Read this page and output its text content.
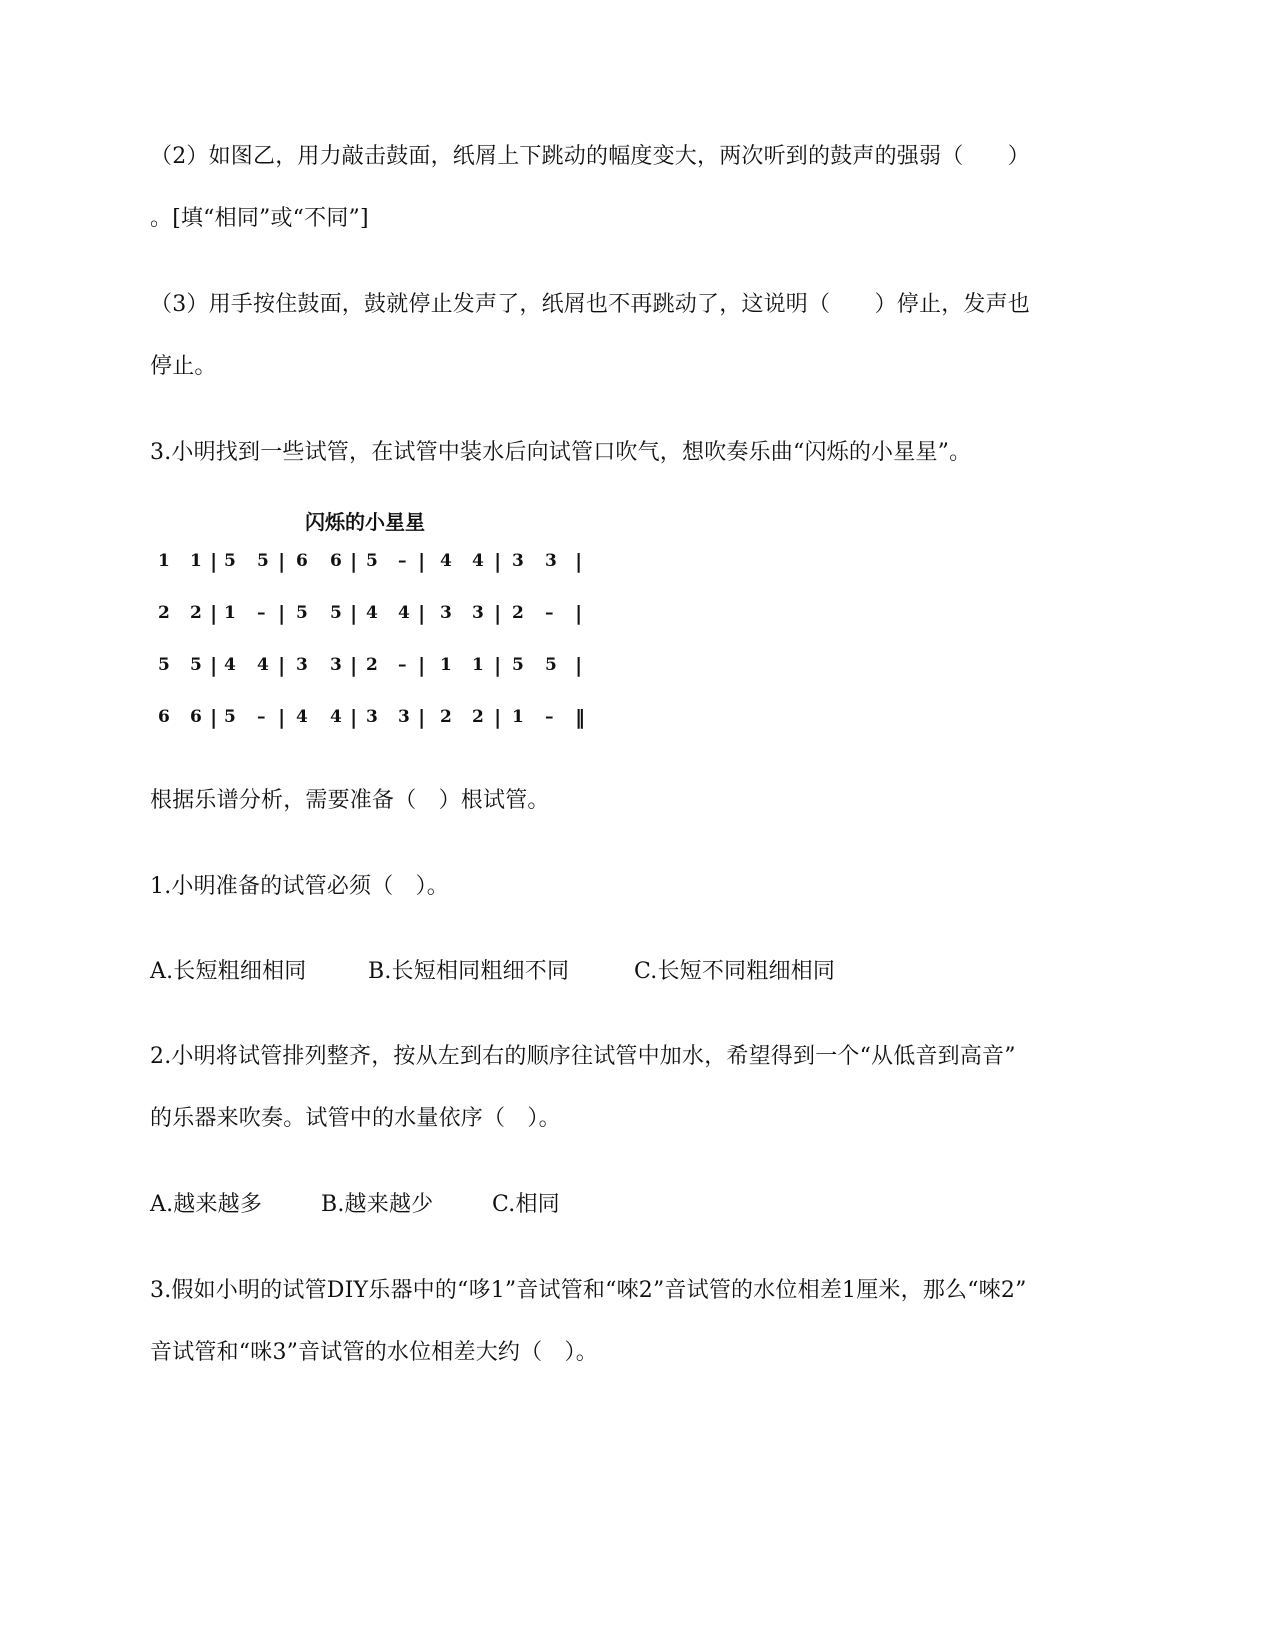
（2）如图乙，用力敲击鼓面，纸屑上下跳动的幅度变大，两次听到的鼓声的强弱（　　）
。[填“相同”或“不同”]
（3）用手按住鼓面，鼓就停止发声了，纸屑也不再跳动了，这说明（　　）停止，发声也
停止。
3.小明找到一些试管，在试管中装水后向试管口吹气，想吹奏乐曲“闪烁的小星星”。
闪烁的小星星
1 1 | 5 5 | 6 6 | 5 – | 4 4 | 3 3 |
2 2 | 1 – | 5 5 | 4 4 | 3 3 | 2 – |
5 5 | 4 4 | 3 3 | 2 – | 1 1 | 5 5 |
6 6 | 5 – | 4 4 | 3 3 | 2 2 | 1 – ‖
根据乐谱分析，需要准备（　）根试管。
1.小明准备的试管必须（　）。
A.长短粗细相同	B.长短相同粗细不同	C.长短不同粗细相同
2.小明将试管排列整齐，按从左到右的顺序往试管中加水，希望得到一个“从低音到高音”
的乐器来吹奏。试管中的水量依序（　）。
A.越来越多	B.越来越少	C.相同
3.假如小明的试管DIY乐器中的“哆1”音试管和“唻2”音试管的水位相差1厘米，那么“唻2”
音试管和“咪3”音试管的水位相差大约（　）。
